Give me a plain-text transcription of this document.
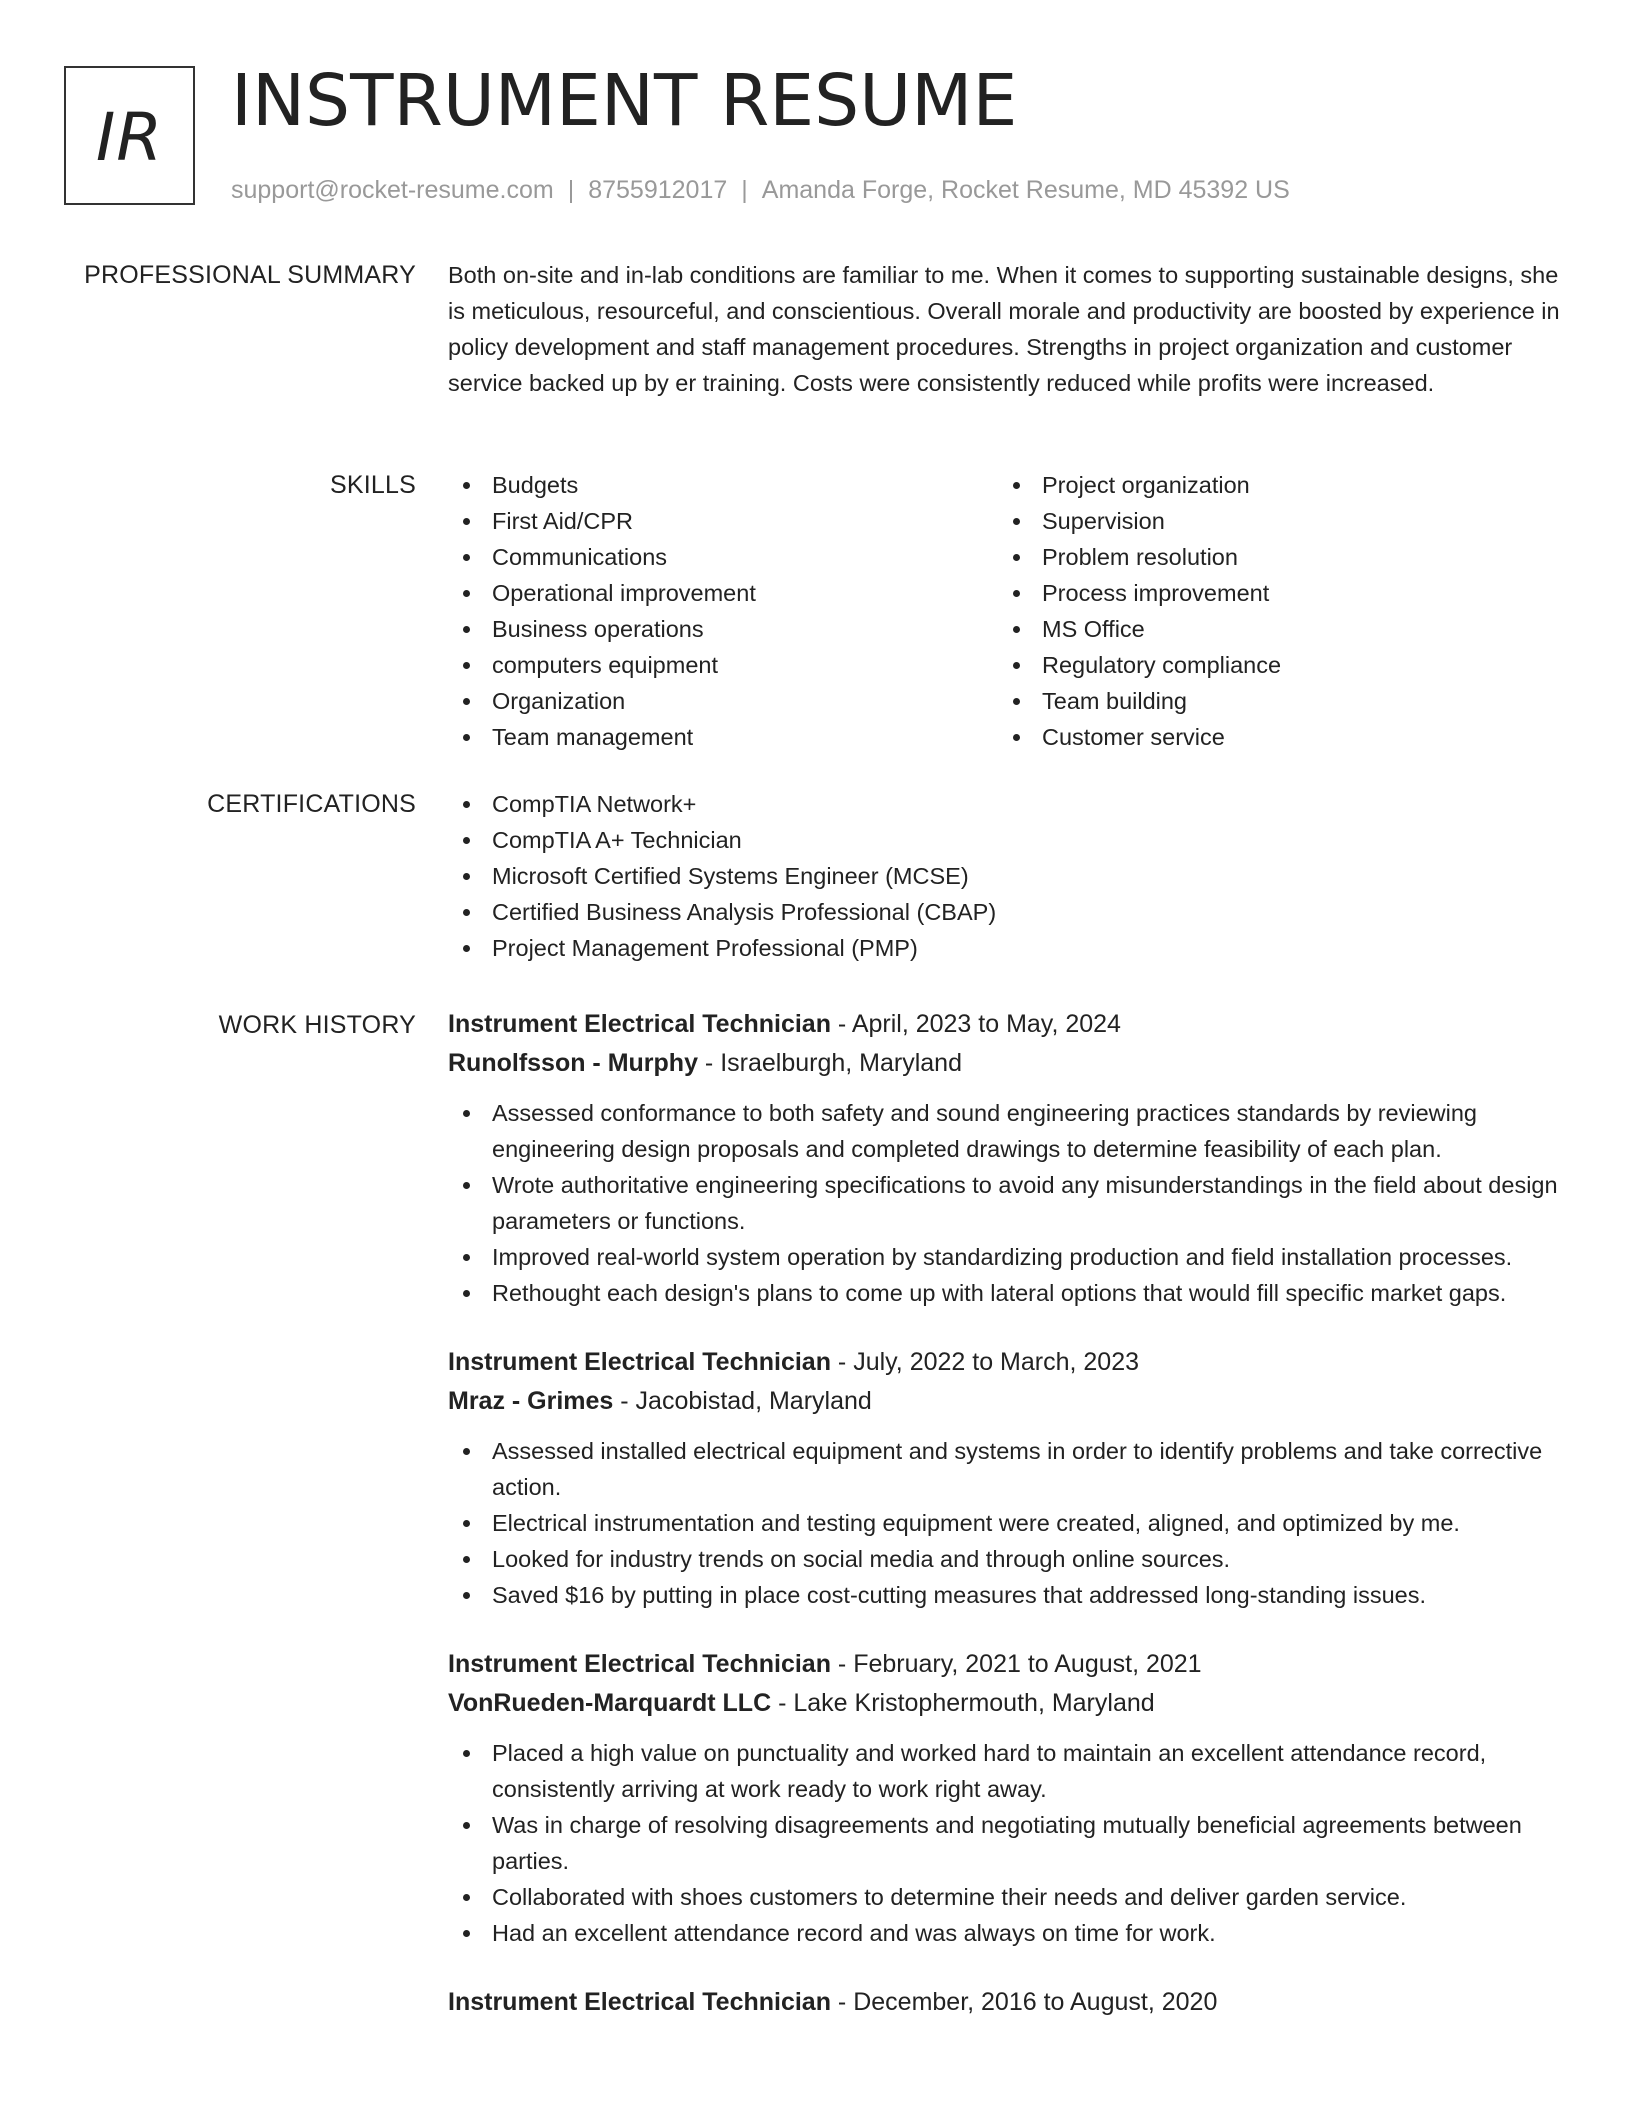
IR INSTRUMENT RESUME
support@rocket-resume.com | 8755912017 | Amanda Forge, Rocket Resume, MD 45392 US
PROFESSIONAL SUMMARY Both on-site and in-lab conditions are familiar to me. When it comes to supporting sustainable designs, she is meticulous, resourceful, and conscientious. Overall morale and productivity are boosted by experience in policy development and staff management procedures. Strengths in project organization and customer service backed up by er training. Costs were consistently reduced while profits were increased.

SKILLS	Budgets
First Aid/CPR
Communications
Operational improvement
Business operations
computers equipment
Organization
Team management
Project organization
Supervision
Problem resolution
Process improvement
MS Office
Regulatory compliance
Team building
Customer service
CERTIFICATIONS	CompTIA Network+
CompTIA A+ Technician
Microsoft Certified Systems Engineer (MCSE)
Certified Business Analysis Professional (CBAP)
Project Management Professional (PMP)
WORK HISTORY Instrument Electrical Technician - April, 2023 to May, 2024
Runolfsson - Murphy - Israelburgh, Maryland
Assessed conformance to both safety and sound engineering practices standards by reviewing engineering design proposals and completed drawings to determine feasibility of each plan.
Wrote authoritative engineering specifications to avoid any misunderstandings in the field about design parameters or functions.
Improved real-world system operation by standardizing production and field installation processes.
Rethought each design's plans to come up with lateral options that would fill specific market gaps.
Instrument Electrical Technician - July, 2022 to March, 2023
Mraz - Grimes - Jacobistad, Maryland
Assessed installed electrical equipment and systems in order to identify problems and take corrective action.
Electrical instrumentation and testing equipment were created, aligned, and optimized by me.
Looked for industry trends on social media and through online sources.
Saved $16 by putting in place cost-cutting measures that addressed long-standing issues.
Instrument Electrical Technician - February, 2021 to August, 2021
VonRueden-Marquardt LLC - Lake Kristophermouth, Maryland
Placed a high value on punctuality and worked hard to maintain an excellent attendance record, consistently arriving at work ready to work right away.
Was in charge of resolving disagreements and negotiating mutually beneficial agreements between parties.
Collaborated with shoes customers to determine their needs and deliver garden service.
Had an excellent attendance record and was always on time for work.
Instrument Electrical Technician - December, 2016 to August, 2020
